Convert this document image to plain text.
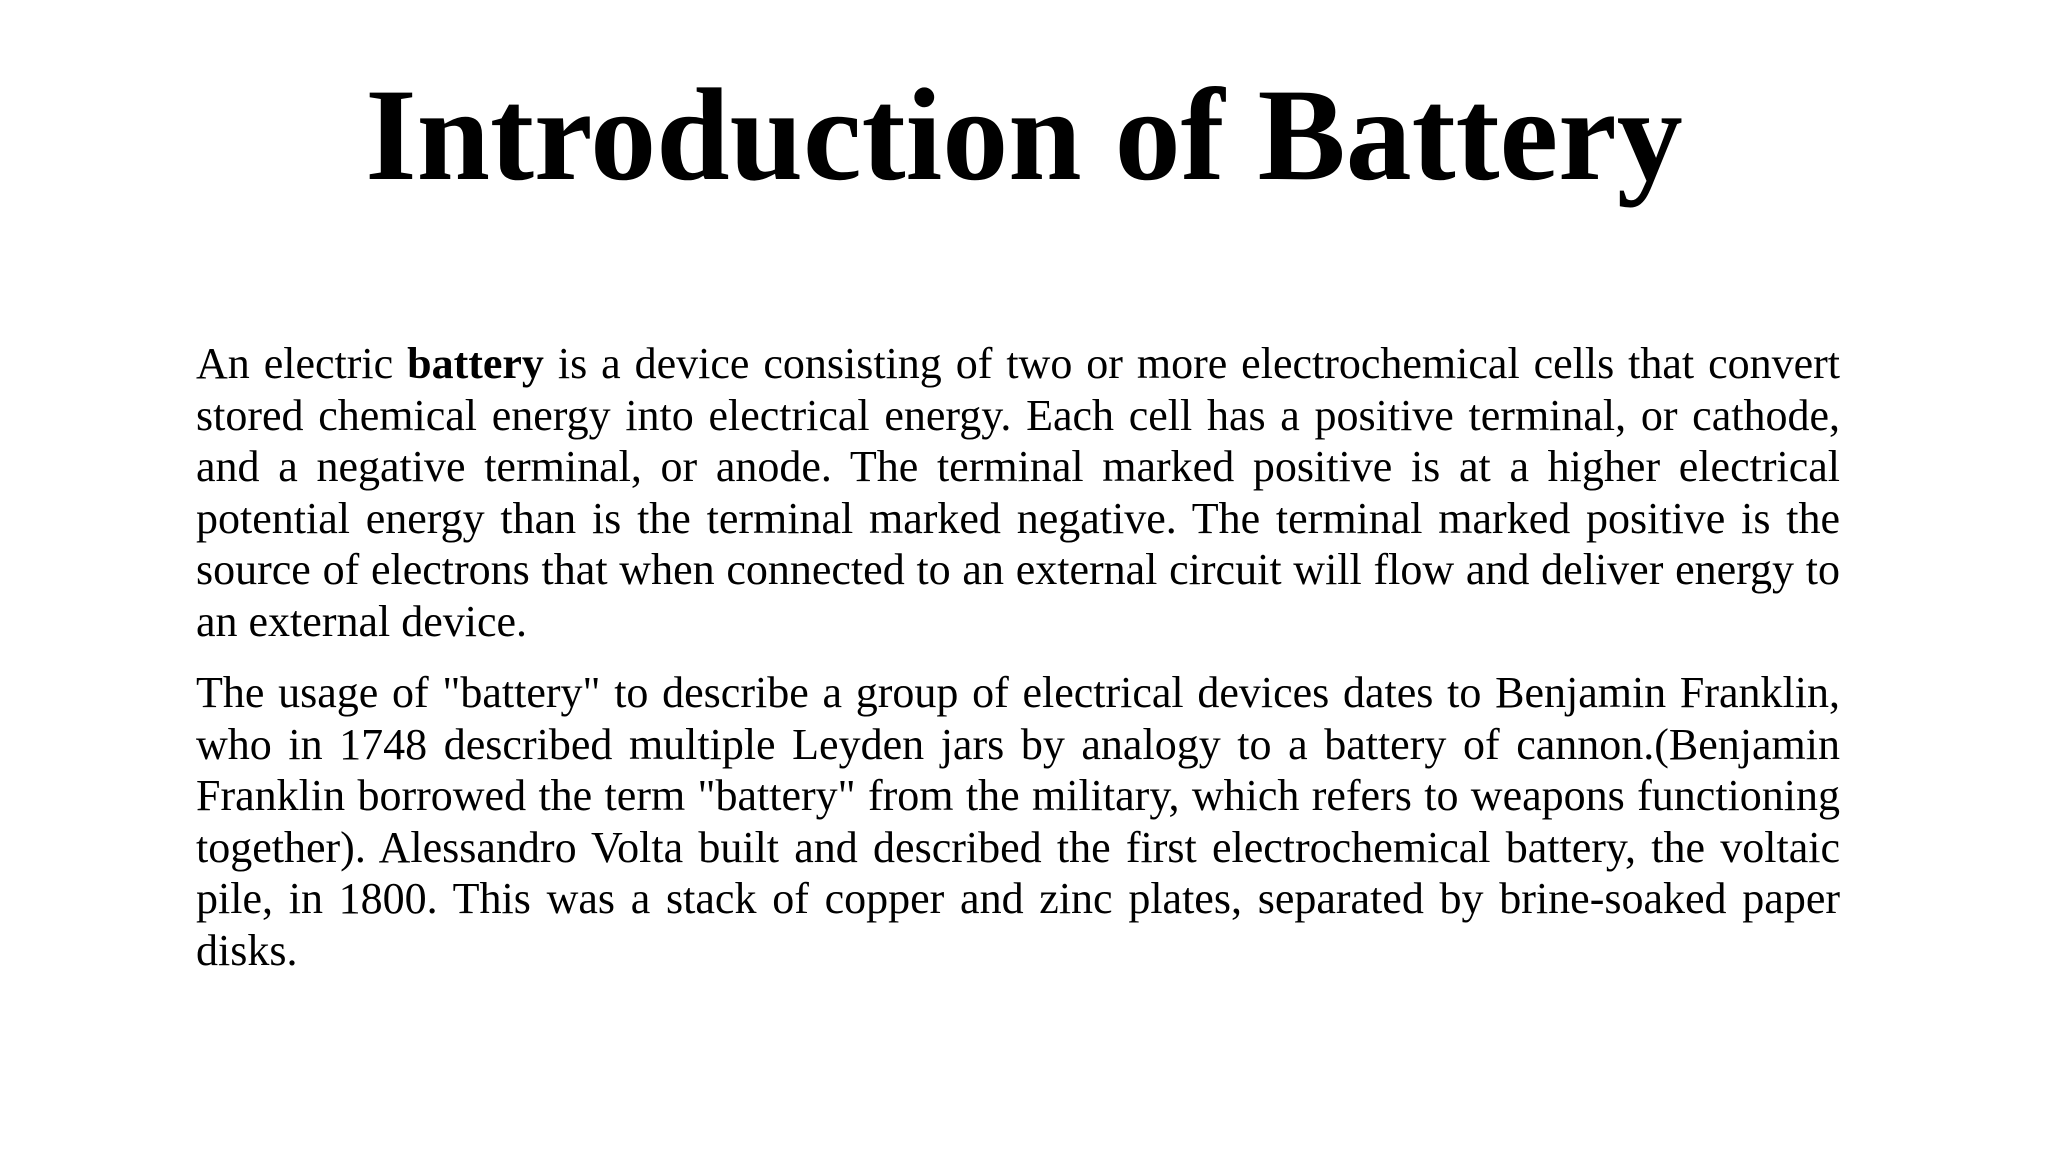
Introduction of Battery

An electric battery is a device consisting of two or more electrochemical cells that convert stored chemical energy into electrical energy. Each cell has a positive terminal, or cathode, and a negative terminal, or anode. The terminal marked positive is at a higher electrical potential energy than is the terminal marked negative. The terminal marked positive is the source of electrons that when connected to an external circuit will flow and deliver energy to an external device.

The usage of "battery" to describe a group of electrical devices dates to Benjamin Franklin, who in 1748 described multiple Leyden jars by analogy to a battery of cannon.(Benjamin Franklin borrowed the term "battery" from the military, which refers to weapons functioning together). Alessandro Volta built and described the first electrochemical battery, the voltaic pile, in 1800. This was a stack of copper and zinc plates, separated by brine-soaked paper disks.
